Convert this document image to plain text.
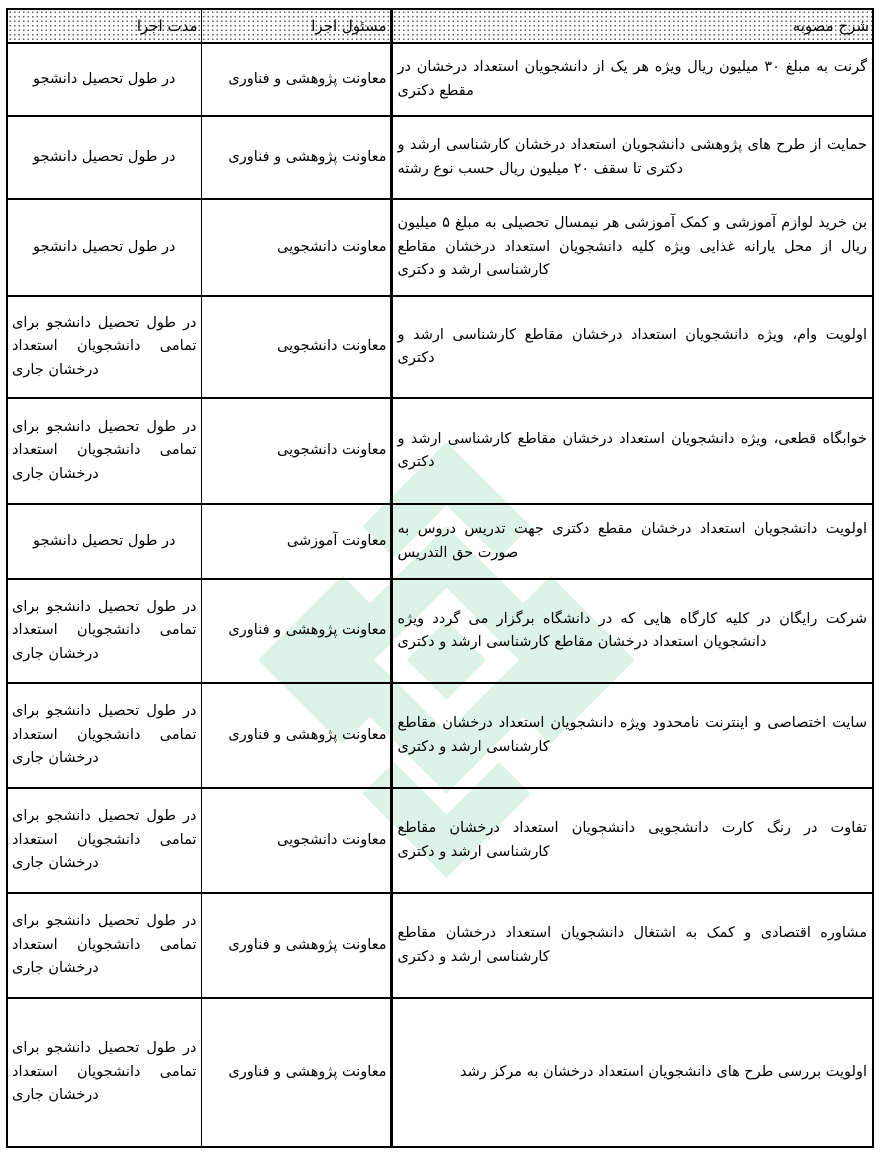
شرح مصوبه	مسئول اجرا	مدت اجرا
گرنت به مبلغ ۳۰ میلیون ریال ویژه هر یک از دانشجویان استعداد درخشان در مقطع دکتری	معاونت پژوهشی و فناوری	در طول تحصیل دانشجو
حمایت از طرح های پژوهشی دانشجویان استعداد درخشان کارشناسی ارشد و دکتری تا سقف ۲۰ میلیون ریال حسب نوع رشته	معاونت پژوهشی و فناوری	در طول تحصیل دانشجو
بن خرید لوازم آموزشی و کمک آموزشی هر نیمسال تحصیلی به مبلغ ۵ میلیون ریال از محل یارانه غذایی ویژه کلیه دانشجویان استعداد درخشان مقاطع کارشناسی ارشد و دکتری	معاونت دانشجویی	در طول تحصیل دانشجو
اولویت وام، ویژه دانشجویان استعداد درخشان مقاطع کارشناسی ارشد و دکتری	معاونت دانشجویی	در طول تحصیل دانشجو برای تمامی دانشجویان استعداد درخشان جاری
خوابگاه قطعی، ویژه دانشجویان استعداد درخشان مقاطع کارشناسی ارشد و دکتری	معاونت دانشجویی	در طول تحصیل دانشجو برای تمامی دانشجویان استعداد درخشان جاری
اولویت دانشجویان استعداد درخشان مقطع دکتری جهت تدریس دروس به صورت حق التدریس	معاونت آموزشی	در طول تحصیل دانشجو
شرکت رایگان در کلیه کارگاه هایی که در دانشگاه برگزار می گردد ویژه دانشجویان استعداد درخشان مقاطع کارشناسی ارشد و دکتری	معاونت پژوهشی و فناوری	در طول تحصیل دانشجو برای تمامی دانشجویان استعداد درخشان جاری
سایت اختصاصی و اینترنت نامحدود ویژه دانشجویان استعداد درخشان مقاطع کارشناسی ارشد و دکتری	معاونت پژوهشی و فناوری	در طول تحصیل دانشجو برای تمامی دانشجویان استعداد درخشان جاری
تفاوت در رنگ کارت دانشجویی دانشجویان استعداد درخشان مقاطع کارشناسی ارشد و دکتری	معاونت دانشجویی	در طول تحصیل دانشجو برای تمامی دانشجویان استعداد درخشان جاری
مشاوره اقتصادی و کمک به اشتغال دانشجویان استعداد درخشان مقاطع کارشناسی ارشد و دکتری	معاونت پژوهشی و فناوری	در طول تحصیل دانشجو برای تمامی دانشجویان استعداد درخشان جاری
اولویت بررسی طرح های دانشجویان استعداد درخشان به مرکز رشد	معاونت پژوهشی و فناوری	در طول تحصیل دانشجو برای تمامی دانشجویان استعداد درخشان جاری
